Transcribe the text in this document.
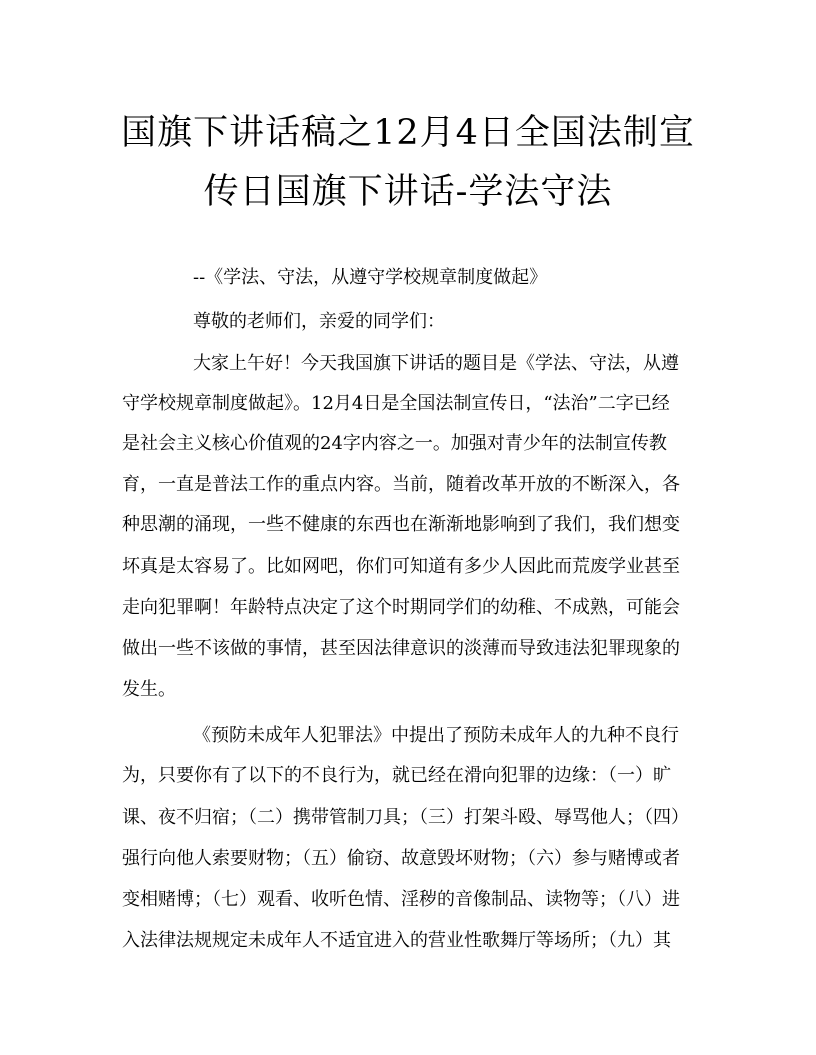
国旗下讲话稿之12月4日全国法制宣
传日国旗下讲话-学法守法

--《学法、守法，从遵守学校规章制度做起》

尊敬的老师们，亲爱的同学们：

大家上午好！今天我国旗下讲话的题目是《学法、守法，从遵

守学校规章制度做起》。12月4日是全国法制宣传日，“法治”二字已经

是社会主义核心价值观的24字内容之一。加强对青少年的法制宣传教

育，一直是普法工作的重点内容。当前，随着改革开放的不断深入，各

种思潮的涌现，一些不健康的东西也在渐渐地影响到了我们，我们想变

坏真是太容易了。比如网吧，你们可知道有多少人因此而荒废学业甚至

走向犯罪啊！年龄特点决定了这个时期同学们的幼稚、不成熟，可能会

做出一些不该做的事情，甚至因法律意识的淡薄而导致违法犯罪现象的

发生。

《预防未成年人犯罪法》中提出了预防未成年人的九种不良行

为，只要你有了以下的不良行为，就已经在滑向犯罪的边缘：（一）旷

课、夜不归宿；（二）携带管制刀具；（三）打架斗殴、辱骂他人；（四）

强行向他人索要财物；（五）偷窃、故意毁坏财物；（六）参与赌博或者

变相赌博；（七）观看、收听色情、淫秽的音像制品、读物等；（八）进

入法律法规规定未成年人不适宜进入的营业性歌舞厅等场所；（九）其
